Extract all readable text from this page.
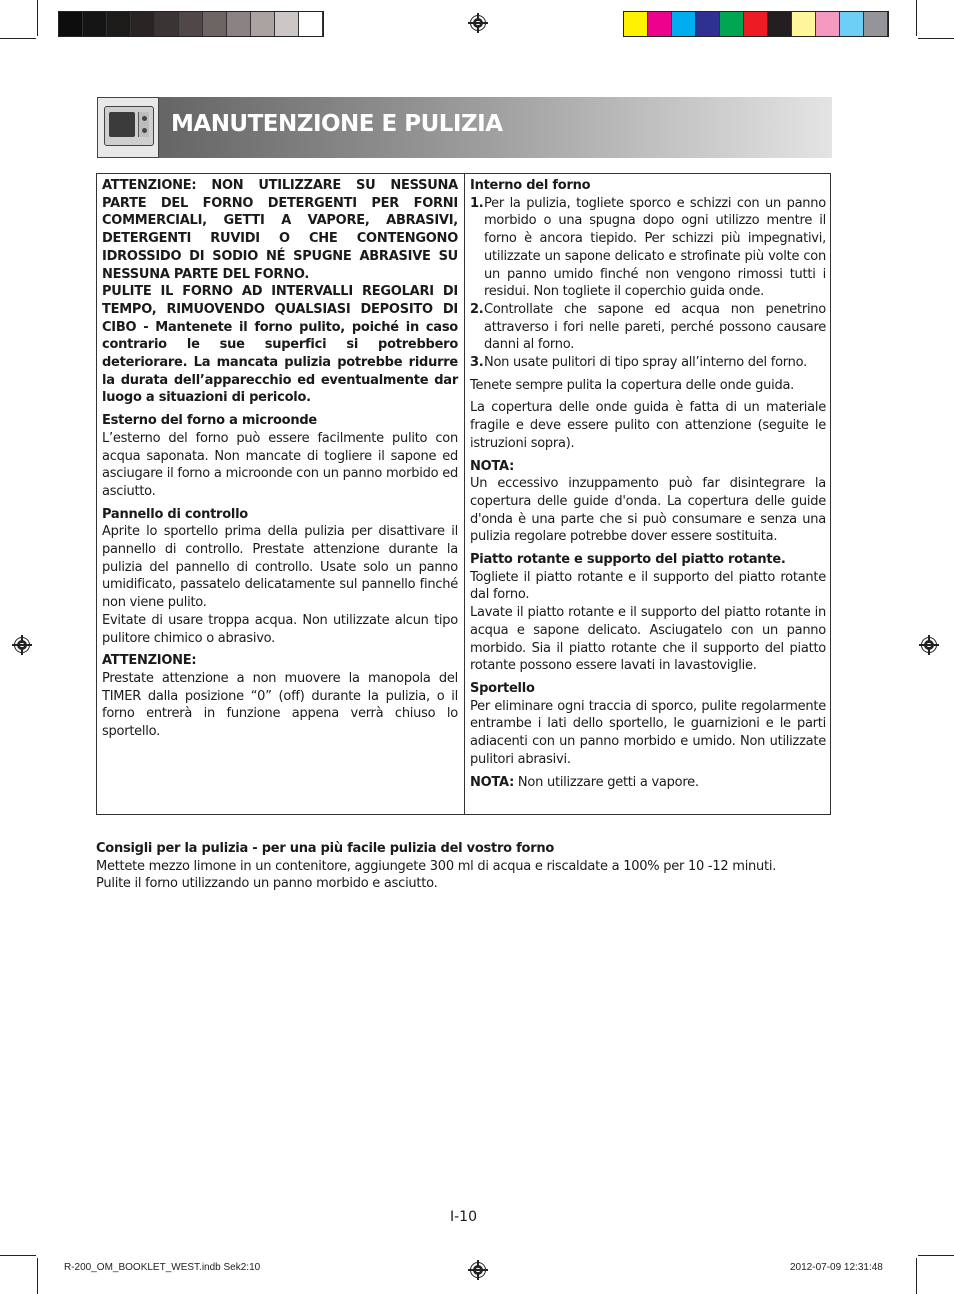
MANUTENZIONE E PULIZIA

ATTENZIONE: NON UTILIZZARE SU NESSUNA PARTE DEL FORNO DETERGENTI PER FORNI COMMERCIALI, GETTI A VAPORE, ABRASIVI, DETERGENTI RUVIDI O CHE CONTENGONO IDROSSIDO DI SODIO NÉ SPUGNE ABRASIVE SU NESSUNA PARTE DEL FORNO.

PULITE IL FORNO AD INTERVALLI REGOLARI DI TEMPO, RIMUOVENDO QUALSIASI DEPOSITO DI CIBO - Mantenete il forno pulito, poiché in caso contrario le sue superfici si potrebbero deteriorare. La mancata pulizia potrebbe ridurre la durata dell’apparecchio ed eventualmente dar luogo a situazioni di pericolo.

Esterno del forno a microonde

L’esterno del forno può essere facilmente pulito con acqua saponata. Non mancate di togliere il sapone ed asciugare il forno a microonde con un panno morbido ed asciutto.

Pannello di controllo

Aprite lo sportello prima della pulizia per disattivare il pannello di controllo. Prestate attenzione durante la pulizia del pannello di controllo. Usate solo un panno umidificato, passatelo delicatamente sul pannello finché non viene pulito.

Evitate di usare troppa acqua. Non utilizzate alcun tipo pulitore chimico o abrasivo.

ATTENZIONE:

Prestate attenzione a non muovere la manopola del TIMER dalla posizione “0” (off) durante la pulizia, o il forno entrerà in funzione appena verrà chiuso lo sportello.

Interno del forno

1. Per la pulizia, togliete sporco e schizzi con un panno morbido o una spugna dopo ogni utilizzo mentre il forno è ancora tiepido. Per schizzi più impegnativi, utilizzate un sapone delicato e strofinate più volte con un panno umido finché non vengono rimossi tutti i residui. Non togliete il coperchio guida onde.
2. Controllate che sapone ed acqua non penetrino attraverso i fori nelle pareti, perché possono causare danni al forno.
3. Non usate pulitori di tipo spray all’interno del forno.

Tenete sempre pulita la copertura delle onde guida.

La copertura delle onde guida è fatta di un materiale fragile e deve essere pulito con attenzione (seguite le istruzioni sopra).

NOTA:

Un eccessivo inzuppamento può far disintegrare la copertura delle guide d'onda. La copertura delle guide d'onda è una parte che si può consumare e senza una pulizia regolare potrebbe dover essere sostituita.

Piatto rotante e supporto del piatto rotante.

Togliete il piatto rotante e il supporto del piatto rotante dal forno.

Lavate il piatto rotante e il supporto del piatto rotante in acqua e sapone delicato. Asciugatelo con un panno morbido. Sia il piatto rotante che il supporto del piatto rotante possono essere lavati in lavastoviglie.

Sportello

Per eliminare ogni traccia di sporco, pulite regolarmente entrambe i lati dello sportello, le guarnizioni e le parti adiacenti con un panno morbido e umido. Non utilizzate pulitori abrasivi.

NOTA: Non utilizzare getti a vapore.

Consigli per la pulizia - per una più facile pulizia del vostro forno

Mettete mezzo limone in un contenitore, aggiungete 300 ml di acqua e riscaldate a 100% per 10 -12 minuti.

Pulite il forno utilizzando un panno morbido e asciutto.

I-10
R-200_OM_BOOKLET_WEST.indb Sek2:10	2012-07-09 12:31:48
